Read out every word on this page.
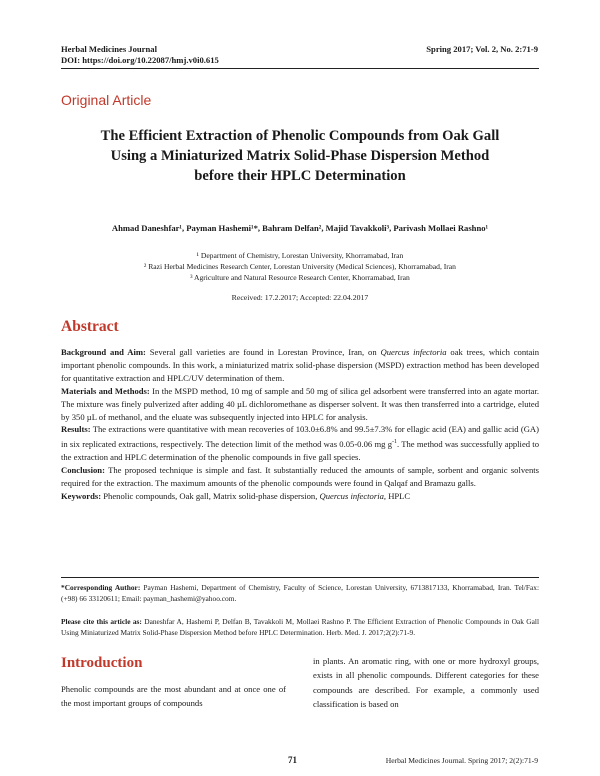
Herbal Medicines Journal
DOI: https://doi.org/10.22087/hmj.v0i0.615
Spring 2017; Vol. 2, No. 2:71-9
Original Article
The Efficient Extraction of Phenolic Compounds from Oak Gall
Using a Miniaturized Matrix Solid-Phase Dispersion Method
before their HPLC Determination
Ahmad Daneshfar¹, Payman Hashemi¹*, Bahram Delfan², Majid Tavakkoli³, Parivash Mollaei Rashno¹
¹ Department of Chemistry, Lorestan University, Khorramabad, Iran
² Razi Herbal Medicines Research Center, Lorestan University (Medical Sciences), Khorramabad, Iran
³ Agriculture and Natural Resource Research Center, Khorramabad, Iran
Received: 17.2.2017; Accepted: 22.04.2017
Abstract

Background and Aim: Several gall varieties are found in Lorestan Province, Iran, on Quercus infectoria oak trees, which contain important phenolic compounds. In this work, a miniaturized matrix solid-phase dispersion (MSPD) extraction method has been developed for quantitative extraction and HPLC/UV determination of them.

Materials and Methods: In the MSPD method, 10 mg of sample and 50 mg of silica gel adsorbent were transferred into an agate mortar. The mixture was finely pulverized after adding 40 µL dichloromethane as disperser solvent. It was then transferred into a cartridge, eluted by 350 µL of methanol, and the eluate was subsequently injected into HPLC for analysis.

Results: The extractions were quantitative with mean recoveries of 103.0±6.8% and 99.5±7.3% for ellagic acid (EA) and gallic acid (GA) in six replicated extractions, respectively. The detection limit of the method was 0.05-0.06 mg $g^{-1}$. The method was successfully applied to the extraction and HPLC determination of the phenolic compounds in five gall species.

Conclusion: The proposed technique is simple and fast. It substantially reduced the amounts of sample, sorbent and organic solvents required for the extraction. The maximum amounts of the phenolic compounds were found in Qalqaf and Bramazu galls.

Keywords: Phenolic compounds, Oak gall, Matrix solid-phase dispersion, Quercus infectoria, HPLC

*Corresponding Author: Payman Hashemi, Department of Chemistry, Faculty of Science, Lorestan University, 6713817133, Khorramabad, Iran. Tel/Fax: (+98) 66 33120611; Email: payman_hashemi@yahoo.com.
Please cite this article as: Daneshfar A, Hashemi P, Delfan B, Tavakkoli M, Mollaei Rashno P. The Efficient Extraction of Phenolic Compounds in Oak Gall Using Miniaturized Matrix Solid-Phase Dispersion Method before HPLC Determination. Herb. Med. J. 2017;2(2):71-9.
Introduction
Phenolic compounds are the most abundant and at once one of the most important groups of compounds
in plants. An aromatic ring, with one or more hydroxyl groups, exists in all phenolic compounds. Different categories for these compounds are described. For example, a commonly used classification is based on
71	Herbal Medicines Journal. Spring 2017; 2(2):71-9
